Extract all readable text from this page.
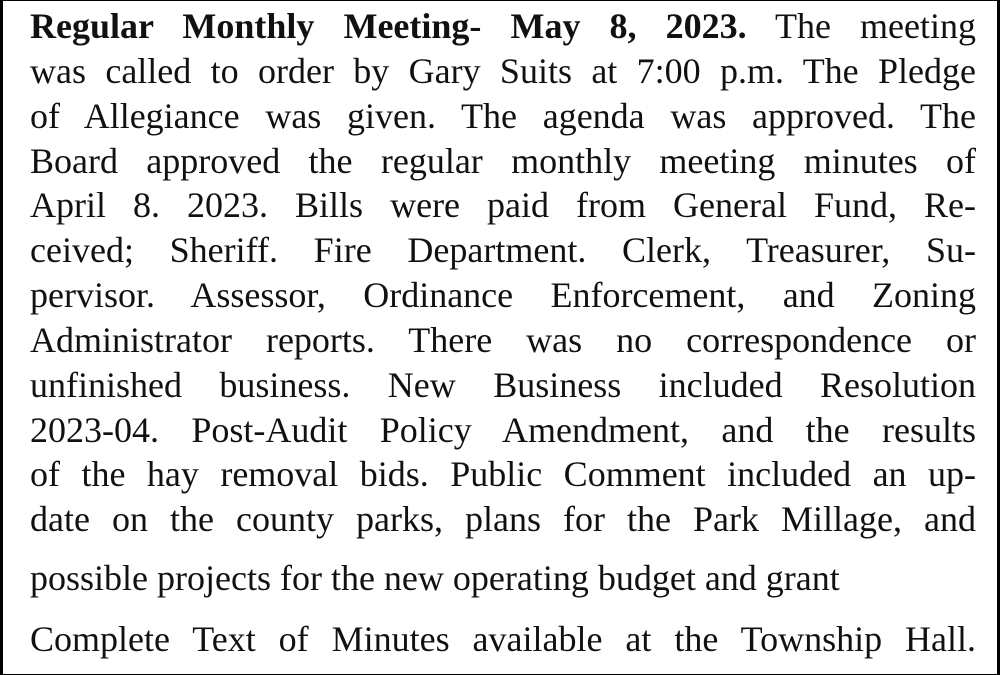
Regular Monthly Meeting- May 8, 2023. The meeting

was called to order by Gary Suits at 7:00 p.m. The Pledge

of Allegiance was given. The agenda was approved. The

Board approved the regular monthly meeting minutes of

April 8. 2023. Bills were paid from General Fund, Re-

ceived; Sheriff. Fire Department. Clerk, Treasurer, Su-

pervisor. Assessor, Ordinance Enforcement, and Zoning

Administrator reports. There was no correspondence or

unfinished business. New Business included Resolution

2023-04. Post-Audit Policy Amendment, and the results

of the hay removal bids. Public Comment included an up-

date on the county parks, plans for the Park Millage, and

possible projects for the new operating budget and grant

Complete Text of Minutes available at the Township Hall.
